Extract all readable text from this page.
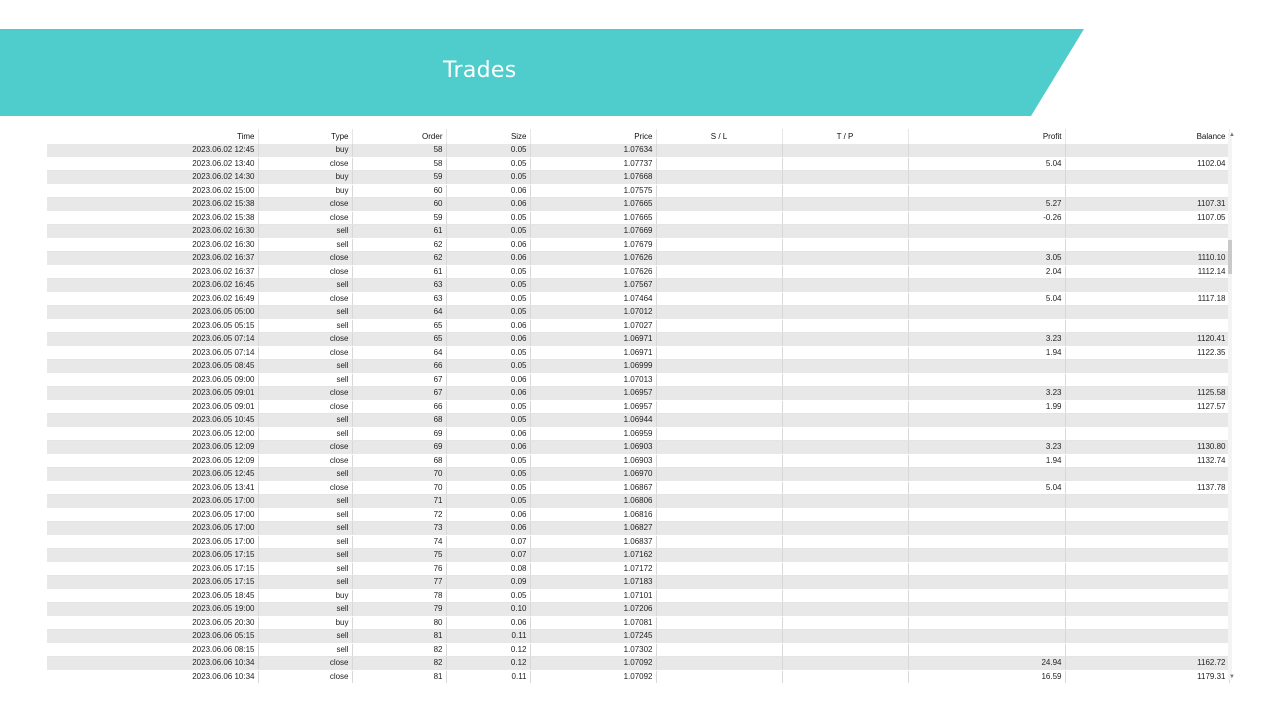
Trades
Time	Type	Order	Size	Price	S / L	T / P	Profit	Balance
2023.06.02 12:45	buy	58	0.05	1.07634				
2023.06.02 13:40	close	58	0.05	1.07737			5.04	1102.04
2023.06.02 14:30	buy	59	0.05	1.07668				
2023.06.02 15:00	buy	60	0.06	1.07575				
2023.06.02 15:38	close	60	0.06	1.07665			5.27	1107.31
2023.06.02 15:38	close	59	0.05	1.07665			-0.26	1107.05
2023.06.02 16:30	sell	61	0.05	1.07669				
2023.06.02 16:30	sell	62	0.06	1.07679				
2023.06.02 16:37	close	62	0.06	1.07626			3.05	1110.10
2023.06.02 16:37	close	61	0.05	1.07626			2.04	1112.14
2023.06.02 16:45	sell	63	0.05	1.07567				
2023.06.02 16:49	close	63	0.05	1.07464			5.04	1117.18
2023.06.05 05:00	sell	64	0.05	1.07012				
2023.06.05 05:15	sell	65	0.06	1.07027				
2023.06.05 07:14	close	65	0.06	1.06971			3.23	1120.41
2023.06.05 07:14	close	64	0.05	1.06971			1.94	1122.35
2023.06.05 08:45	sell	66	0.05	1.06999				
2023.06.05 09:00	sell	67	0.06	1.07013				
2023.06.05 09:01	close	67	0.06	1.06957			3.23	1125.58
2023.06.05 09:01	close	66	0.05	1.06957			1.99	1127.57
2023.06.05 10:45	sell	68	0.05	1.06944				
2023.06.05 12:00	sell	69	0.06	1.06959				
2023.06.05 12:09	close	69	0.06	1.06903			3.23	1130.80
2023.06.05 12:09	close	68	0.05	1.06903			1.94	1132.74
2023.06.05 12:45	sell	70	0.05	1.06970				
2023.06.05 13:41	close	70	0.05	1.06867			5.04	1137.78
2023.06.05 17:00	sell	71	0.05	1.06806				
2023.06.05 17:00	sell	72	0.06	1.06816				
2023.06.05 17:00	sell	73	0.06	1.06827				
2023.06.05 17:00	sell	74	0.07	1.06837				
2023.06.05 17:15	sell	75	0.07	1.07162				
2023.06.05 17:15	sell	76	0.08	1.07172				
2023.06.05 17:15	sell	77	0.09	1.07183				
2023.06.05 18:45	buy	78	0.05	1.07101				
2023.06.05 19:00	sell	79	0.10	1.07206				
2023.06.05 20:30	buy	80	0.06	1.07081				
2023.06.06 05:15	sell	81	0.11	1.07245				
2023.06.06 08:15	sell	82	0.12	1.07302				
2023.06.06 10:34	close	82	0.12	1.07092			24.94	1162.72
2023.06.06 10:34	close	81	0.11	1.07092			16.59	1179.31
▲
▼
